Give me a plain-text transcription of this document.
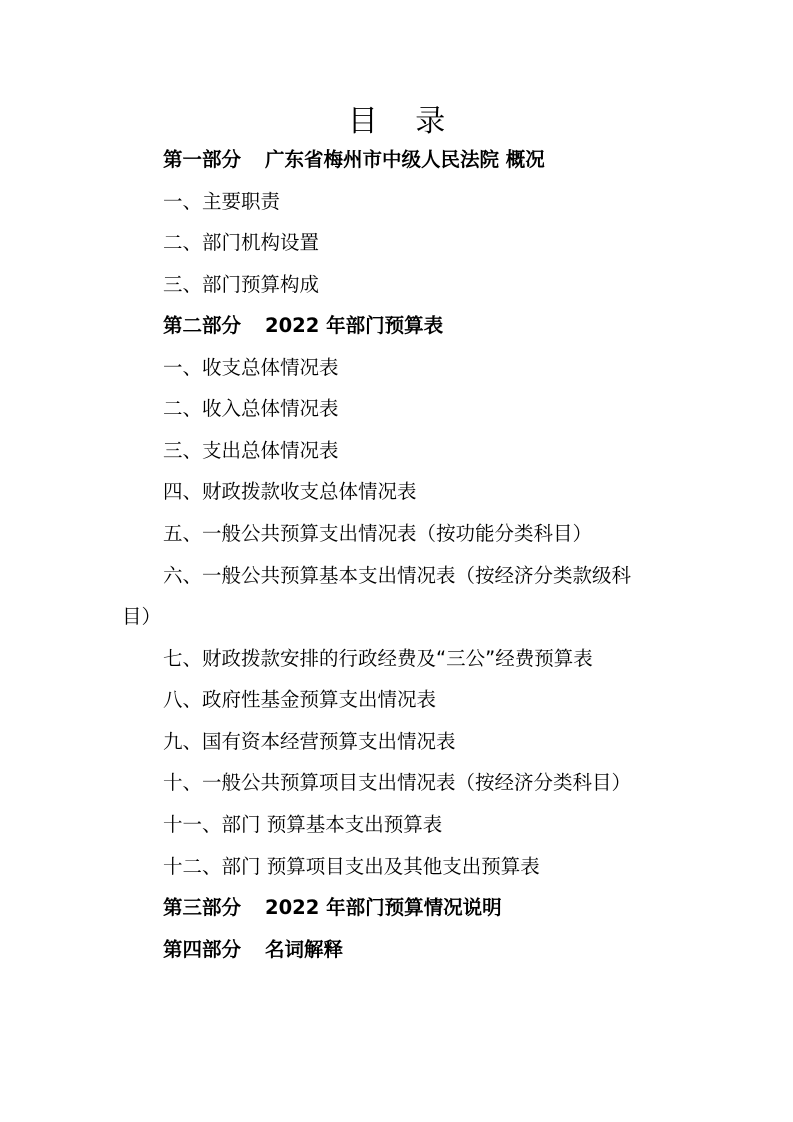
目 录
第一部分 广东省梅州市中级人民法院 概况
一、主要职责
二、部门机构设置
三、部门预算构成
第二部分 2022 年部门预算表
一、收支总体情况表
二、收入总体情况表
三、支出总体情况表
四、财政拨款收支总体情况表
五、一般公共预算支出情况表（按功能分类科目）
六、一般公共预算基本支出情况表（按经济分类款级科
目）
七、财政拨款安排的行政经费及“三公”经费预算表
八、政府性基金预算支出情况表
九、国有资本经营预算支出情况表
十、一般公共预算项目支出情况表（按经济分类科目）
十一、部门 预算基本支出预算表
十二、部门 预算项目支出及其他支出预算表
第三部分 2022 年部门预算情况说明
第四部分 名词解释
